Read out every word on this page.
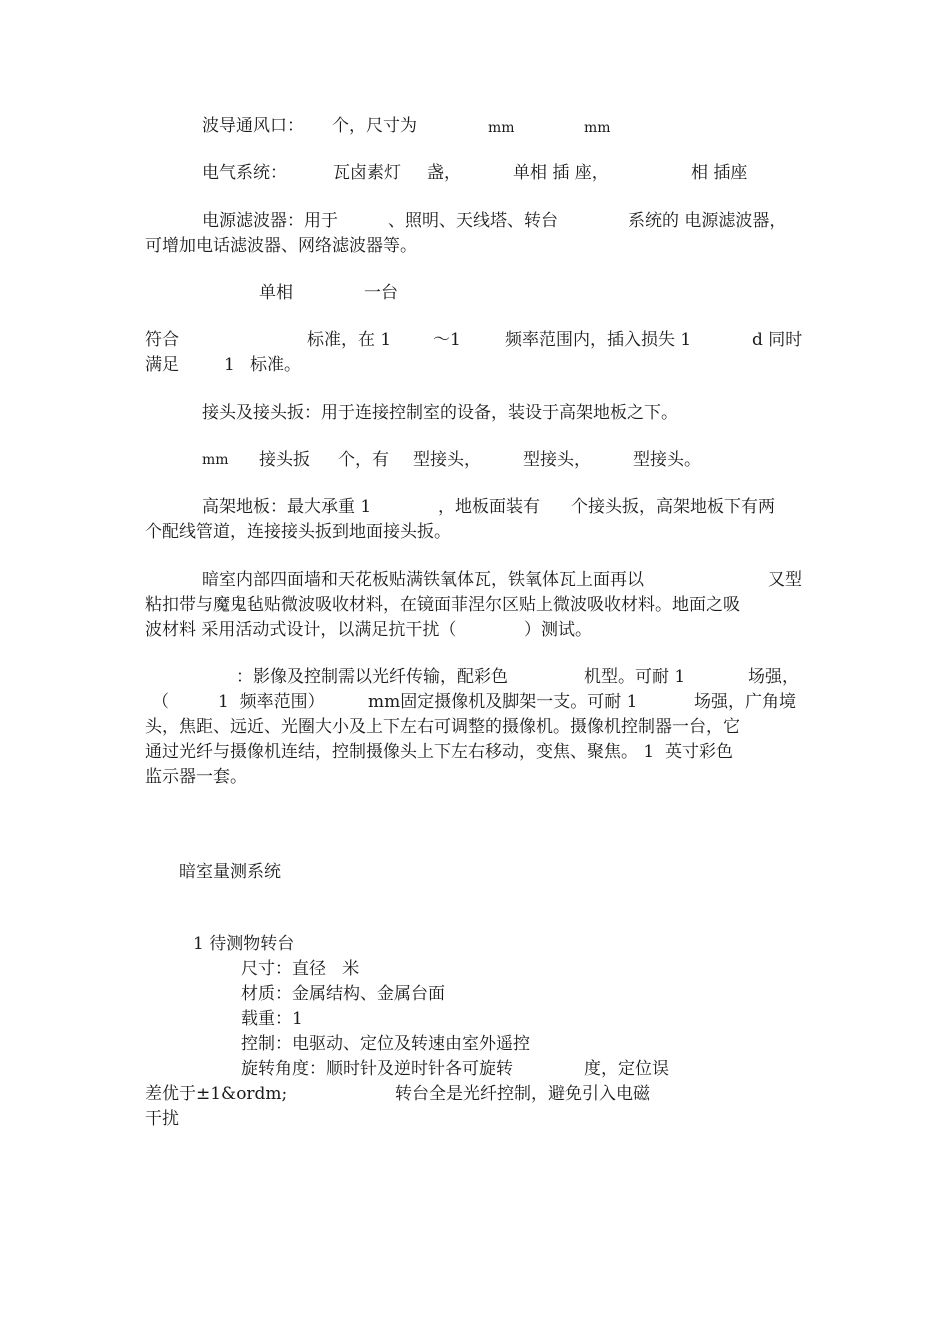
波导通风口： 个，尺寸为	mm	mm
电气系统：	瓦卤素灯 盏，	单相 插 座，	相 插座
电源滤波器：用于	、照明、天线塔、转台	系统的 电源滤波器，
可增加电话滤波器、网络滤波器等。
单相	一台
符合	标准，在 1 ～1	频率范围内，插入损失 1	d 同时
满足	1 标准。
接头及接头扳：用于连接控制室的设备，装设于高架地板之下。
mm 接头扳 个，有 型接头， 型接头， 型接头。
高架地板：最大承重 1	，地板面装有 个接头扳，高架地板下有两
个配线管道，连接接头扳到地面接头扳。
暗室内部四面墙和天花板贴满铁氧体瓦，铁氧体瓦上面再以	又型
粘扣带与魔鬼毡贴微波吸收材料，在镜面菲涅尔区贴上微波吸收材料。地面之吸
波材料 采用活动式设计，以满足抗干扰（	）测试。
：影像及控制需以光纤传输，配彩色	机型。可耐 1	场强，
（	1  频率范围）	mm固定摄像机及脚架一支。可耐 1	场强，广角境
头，焦距、远近、光圈大小及上下左右可调整的摄像机。摄像机控制器一台，它
通过光纤与摄像机连结，控制摄像头上下左右移动，变焦、聚焦。 1  英寸彩色
监示器一套。
暗室量测系统
1 待测物转台
尺寸：直径   米
材质：金属结构、金属台面
载重：1
控制：电驱动、定位及转速由室外遥控
旋转角度：顺时针及逆时针各可旋转	度，定位误
差优于±1&ordm;	转台全是光纤控制，避免引入电磁
干扰
